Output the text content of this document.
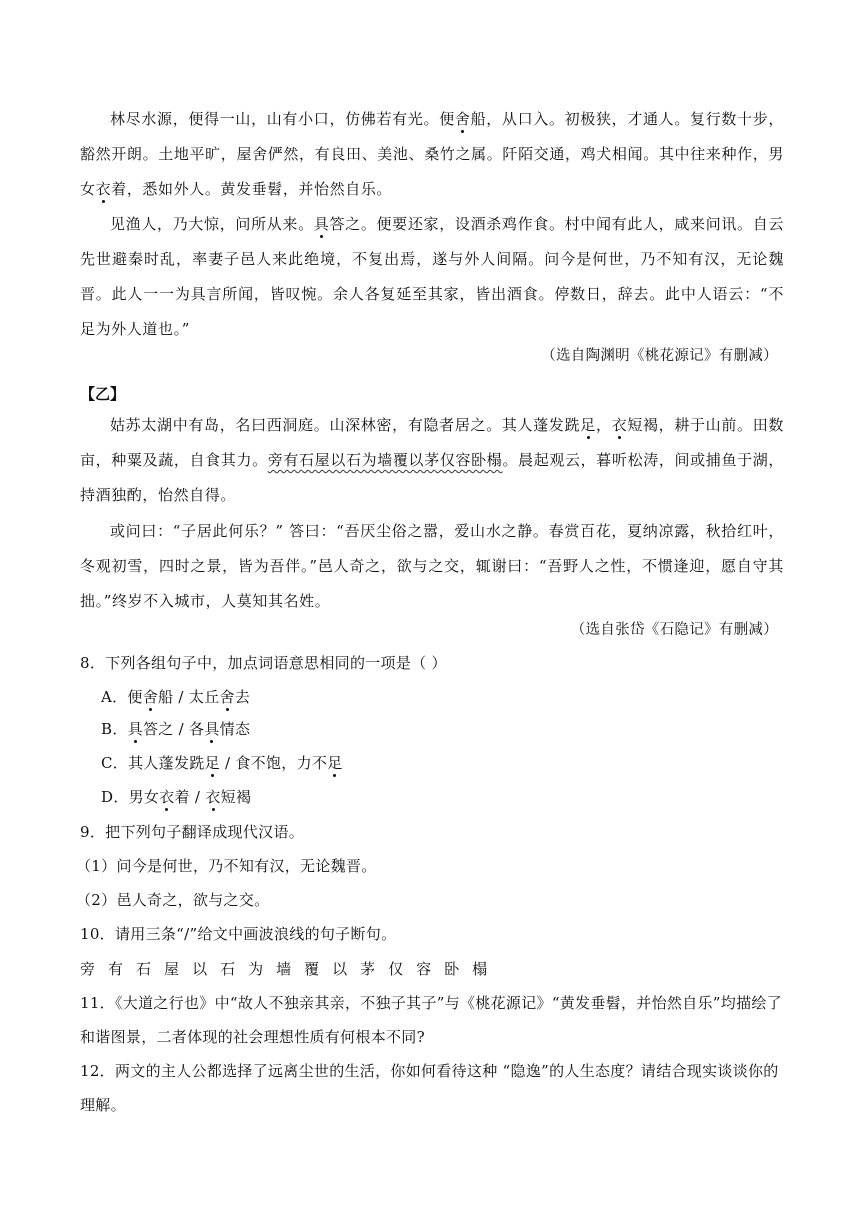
林尽水源，便得一山，山有小口，仿佛若有光。便舍船，从口入。初极狭，才通人。复行数十步，豁然开朗。土地平旷，屋舍俨然，有良田、美池、桑竹之属。阡陌交通，鸡犬相闻。其中往来种作，男女衣着，悉如外人。黄发垂髫，并怡然自乐。

见渔人，乃大惊，问所从来。具答之。便要还家，设酒杀鸡作食。村中闻有此人，咸来问讯。自云先世避秦时乱，率妻子邑人来此绝境，不复出焉，遂与外人间隔。问今是何世，乃不知有汉，无论魏晋。此人一一为具言所闻，皆叹惋。余人各复延至其家，皆出酒食。停数日，辞去。此中人语云：“不足为外人道也。”

（选自陶渊明《桃花源记》有删减）
【乙】

姑苏太湖中有岛，名曰西洞庭。山深林密，有隐者居之。其人蓬发跣足，衣短褐，耕于山前。田数亩，种粟及蔬，自食其力。旁有石屋以石为墙覆以茅仅容卧榻。晨起观云，暮听松涛，间或捕鱼于湖，持酒独酌，怡然自得。

或问曰：“子居此何乐？” 答曰：“吾厌尘俗之嚣，爱山水之静。春赏百花，夏纳凉露，秋拾红叶，冬观初雪，四时之景，皆为吾伴。”邑人奇之，欲与之交，辄谢曰：“吾野人之性，不惯逢迎，愿自守其拙。”终岁不入城市，人莫知其名姓。

（选自张岱《石隐记》有删减）
8．下列各组句子中，加点词语意思相同的一项是（ ）
A．便舍船 / 太丘舍去
B．具答之 / 各具情态
C．其人蓬发跣足 / 食不饱，力不足
D．男女衣着 / 衣短褐
9．把下列句子翻译成现代汉语。
（1）问今是何世，乃不知有汉，无论魏晋。
（2）邑人奇之，欲与之交。
10．请用三条“/”给文中画波浪线的句子断句。
旁 有 石 屋 以 石 为 墙 覆 以 茅 仅 容 卧 榻
11．《大道之行也》中“故人不独亲其亲，不独子其子”与《桃花源记》“黄发垂髫，并怡然自乐”均描绘了和谐图景，二者体现的社会理想性质有何根本不同?
12．两文的主人公都选择了远离尘世的生活，你如何看待这种 “隐逸”的人生态度？请结合现实谈谈你的理解。
